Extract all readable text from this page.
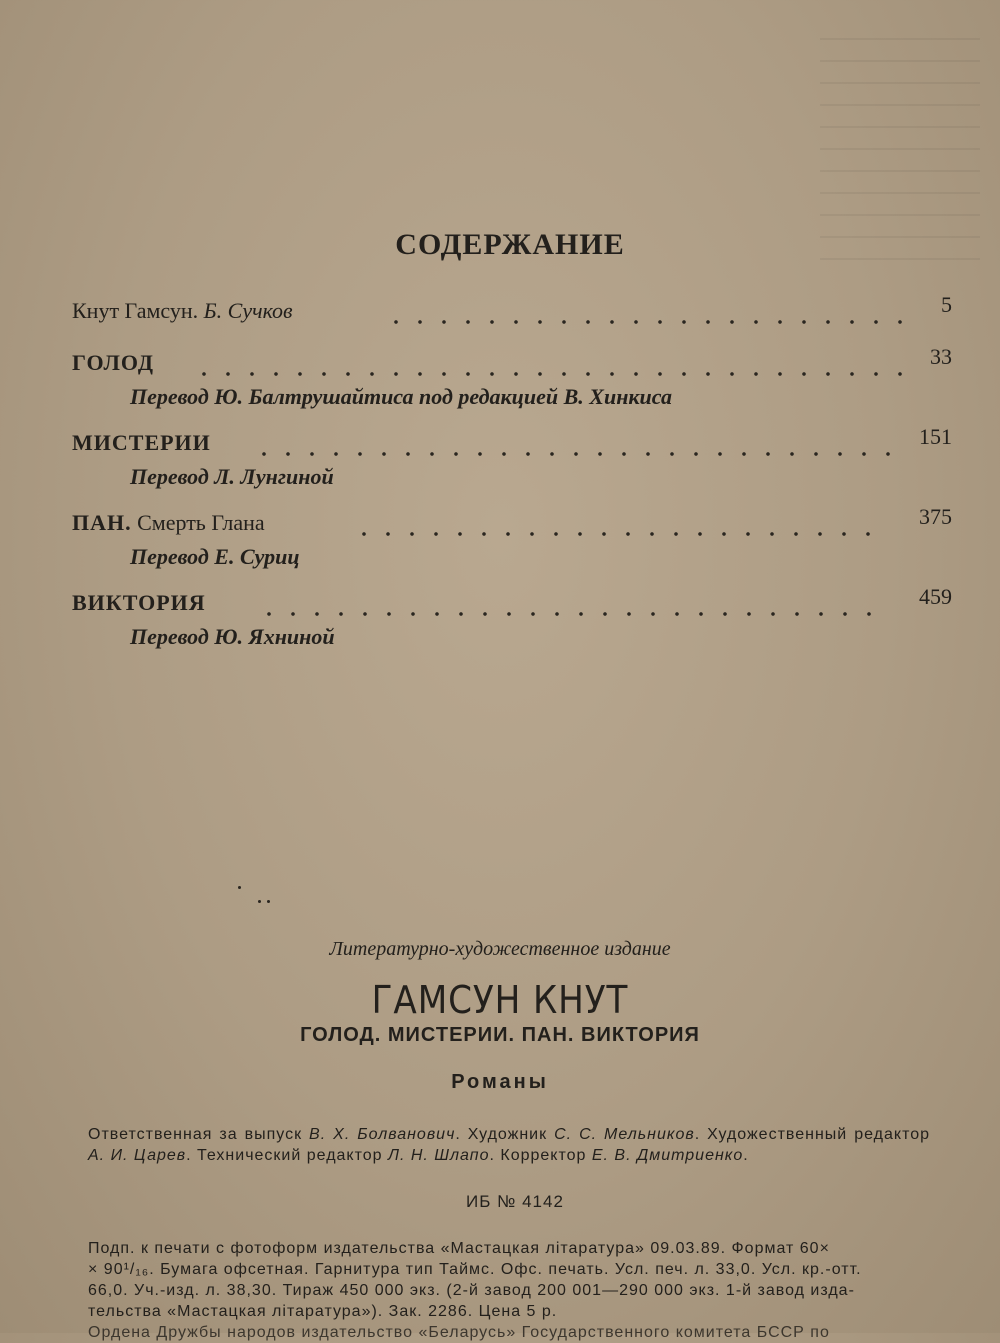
СОДЕРЖАНИЕ
Кнут Гамсун. Б. Сучков	5
ГОЛОД	33
Перевод Ю. Балтрушайтиса под редакцией В. Хинкиса
МИСТЕРИИ	151
Перевод Л. Лунгиной
ПАН. Смерть Глана	375
Перевод Е. Суриц
ВИКТОРИЯ	459
Перевод Ю. Яхниной
Литературно-художественное издание
ГАМСУН КНУТ
ГОЛОД. МИСТЕРИИ. ПАН. ВИКТОРИЯ
Романы
Ответственная за выпуск В. Х. Болванович. Художник С. С. Мельников. Художественный редактор А. И. Царев. Технический редактор Л. Н. Шлапо. Корректор Е. В. Дмитриенко.
ИБ № 4142
Подп. к печати с фотоформ издательства «Мастацкая лiтаратура» 09.03.89. Формат 60×
× 90¹/₁₆. Бумага офсетная. Гарнитура тип Таймс. Офс. печать. Усл. печ. л. 33,0. Усл. кр.-отт.
66,0. Уч.-изд. л. 38,30. Тираж 450 000 экз. (2-й завод 200 001—290 000 экз. 1-й завод изда-
тельства «Мастацкая лiтаратура»). Зак. 2286. Цена 5 р.
Ордена Дружбы народов издательство «Беларусь» Государственного комитета БССР по
